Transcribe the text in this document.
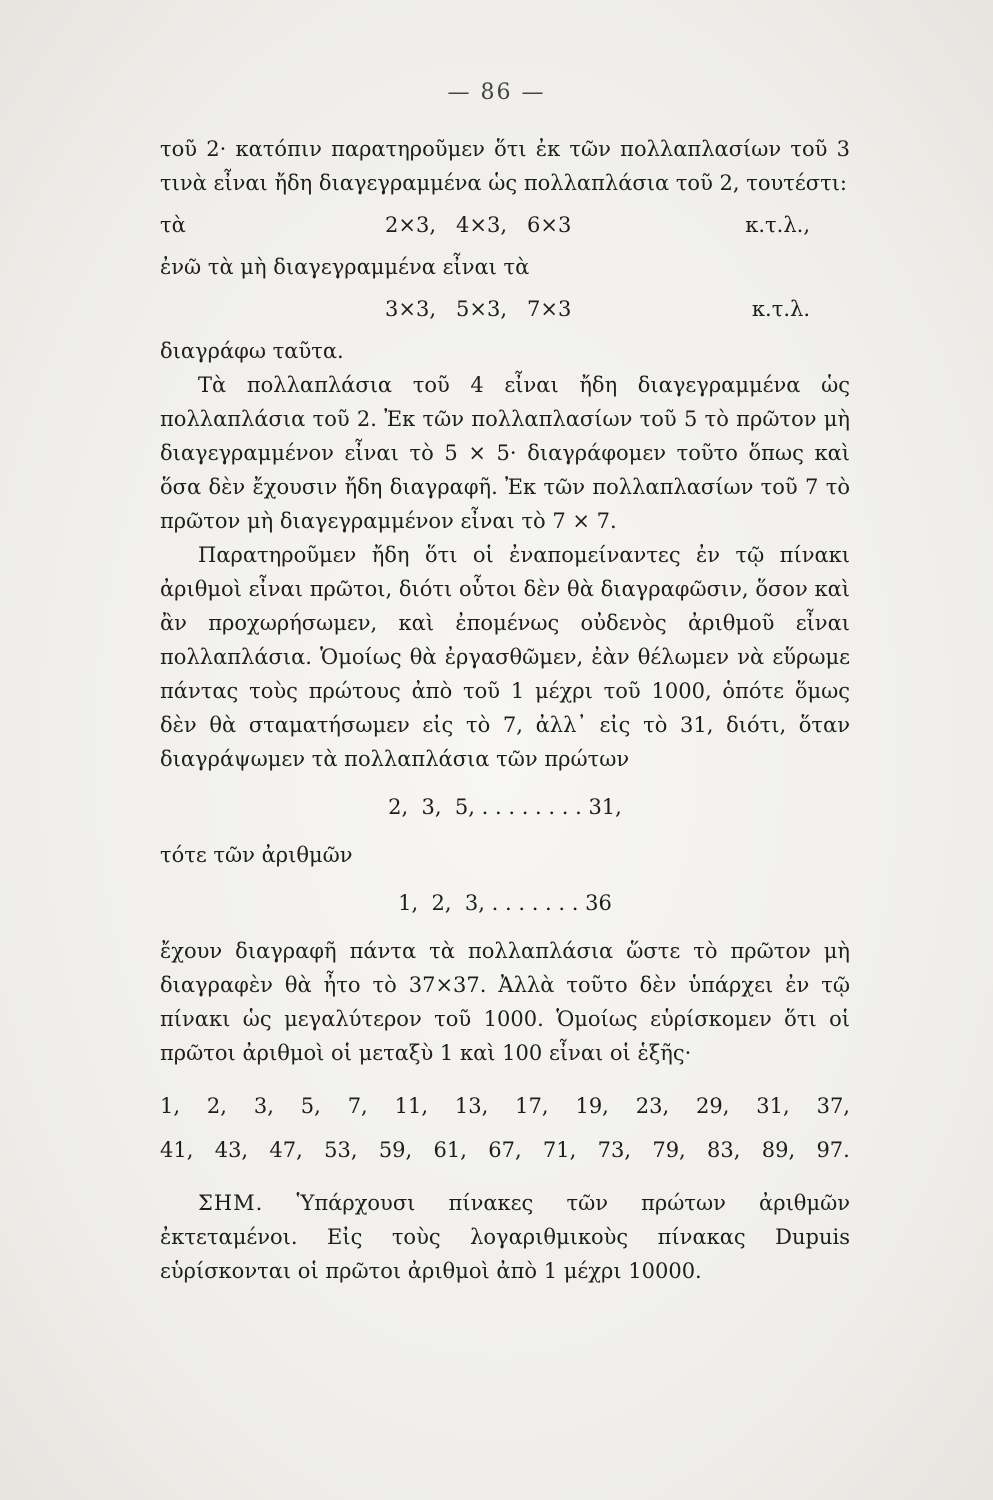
— 86 —

τοῦ 2· κατόπιν παρατηροῦμεν ὅτι ἐκ τῶν πολλαπλασίων τοῦ 3 τινὰ εἶναι ἤδη διαγεγραμμένα ὡς πολλαπλάσια τοῦ 2, τουτέστι:

τὰ	2×3,   4×3,   6×3	κ.τ.λ.,

ἐνῶ τὰ μὴ διαγεγραμμένα εἶναι τὰ

3×3,   5×3,   7×3	κ.τ.λ.

διαγράφω ταῦτα.

Τὰ πολλαπλάσια τοῦ 4 εἶναι ἤδη διαγεγραμμένα ὡς πολλαπλάσια τοῦ 2. Ἐκ τῶν πολλαπλασίων τοῦ 5 τὸ πρῶτον μὴ διαγεγραμμένον εἶναι τὸ 5 × 5· διαγράφομεν τοῦτο ὅπως καὶ ὅσα δὲν ἔχουσιν ἤδη διαγραφῆ. Ἐκ τῶν πολλαπλασίων τοῦ 7 τὸ πρῶτον μὴ διαγεγραμμένον εἶναι τὸ 7 × 7.

Παρατηροῦμεν ἤδη ὅτι οἱ ἐναπομείναντες ἐν τῷ πίνακι ἀριθμοὶ εἶναι πρῶτοι, διότι οὗτοι δὲν θὰ διαγραφῶσιν, ὅσον καὶ ἂν προχωρήσωμεν, καὶ ἐπομένως οὐδενὸς ἀριθμοῦ εἶναι πολλαπλάσια. Ὁμοίως θὰ ἐργασθῶμεν, ἐὰν θέλωμεν νὰ εὕρωμε πάντας τοὺς πρώτους ἀπὸ τοῦ 1 μέχρι τοῦ 1000, ὁπότε ὅμως δὲν θὰ σταματήσωμεν εἰς τὸ 7, ἀλλ᾽ εἰς τὸ 31, διότι, ὅταν διαγράψωμεν τὰ πολλαπλάσια τῶν πρώτων

2,  3,  5, . . . . . . . . 31,

τότε τῶν ἀριθμῶν

1,  2,  3, . . . . . . . 36

ἔχουν διαγραφῆ πάντα τὰ πολλαπλάσια ὥστε τὸ πρῶτον μὴ διαγραφὲν θὰ ἦτο τὸ 37×37. Ἀλλὰ τοῦτο δὲν ὑπάρχει ἐν τῷ πίνακι ὡς μεγαλύτερον τοῦ 1000. Ὁμοίως εὑρίσκομεν ὅτι οἱ πρῶτοι ἀριθμοὶ οἱ μεταξὺ 1 καὶ 100 εἶναι οἱ ἑξῆς·

1, 2, 3, 5, 7, 11, 13, 17, 19, 23, 29, 31, 37,
41, 43, 47, 53, 59, 61, 67, 71, 73, 79, 83, 89, 97.

ΣΗΜ. Ὑπάρχουσι πίνακες τῶν πρώτων ἀριθμῶν ἐκτεταμένοι. Εἰς τοὺς λογαριθμικοὺς πίνακας Dupuis εὑρίσκονται οἱ πρῶτοι ἀριθμοὶ ἀπὸ 1 μέχρι 10000.
